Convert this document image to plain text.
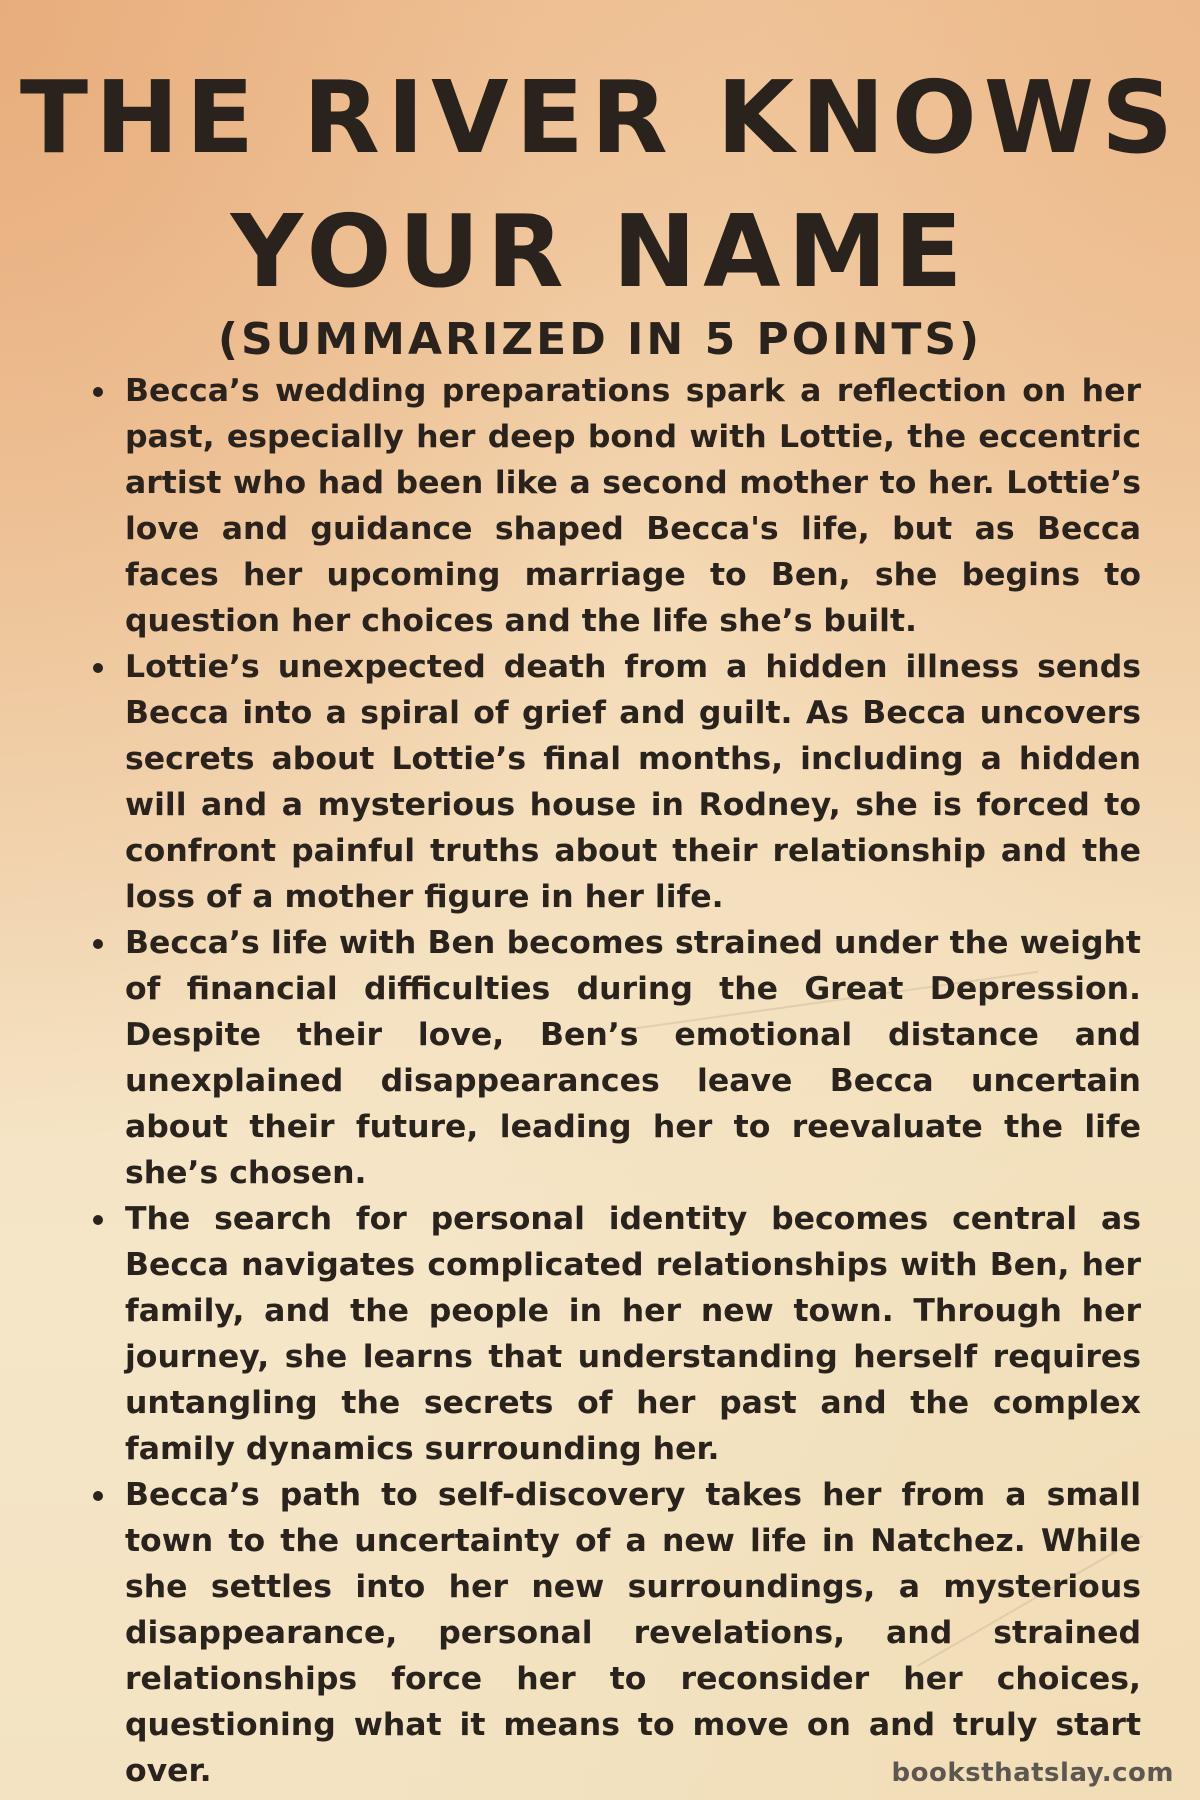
THE RIVER KNOWS
YOUR NAME
(SUMMARIZED IN 5 POINTS)
Becca’s wedding preparations spark a reflection on her past, especially her deep bond with Lottie, the eccentric artist who had been like a second mother to her. Lottie’s love and guidance shaped Becca's life, but as Becca faces her upcoming marriage to Ben, she begins to question her choices and the life she’s built.
Lottie’s unexpected death from a hidden illness sends Becca into a spiral of grief and guilt. As Becca uncovers secrets about Lottie’s final months, including a hidden will and a mysterious house in Rodney, she is forced to confront painful truths about their relationship and the loss of a mother figure in her life.
Becca’s life with Ben becomes strained under the weight of financial difficulties during the Great Depression. Despite their love, Ben’s emotional distance and unexplained disappearances leave Becca uncertain about their future, leading her to reevaluate the life she’s chosen.
The search for personal identity becomes central as Becca navigates complicated relationships with Ben, her family, and the people in her new town. Through her journey, she learns that understanding herself requires untangling the secrets of her past and the complex family dynamics surrounding her.
Becca’s path to self-discovery takes her from a small town to the uncertainty of a new life in Natchez. While she settles into her new surroundings, a mysterious disappearance, personal revelations, and strained relationships force her to reconsider her choices, questioning what it means to move on and truly start over.	booksthatslay.com
